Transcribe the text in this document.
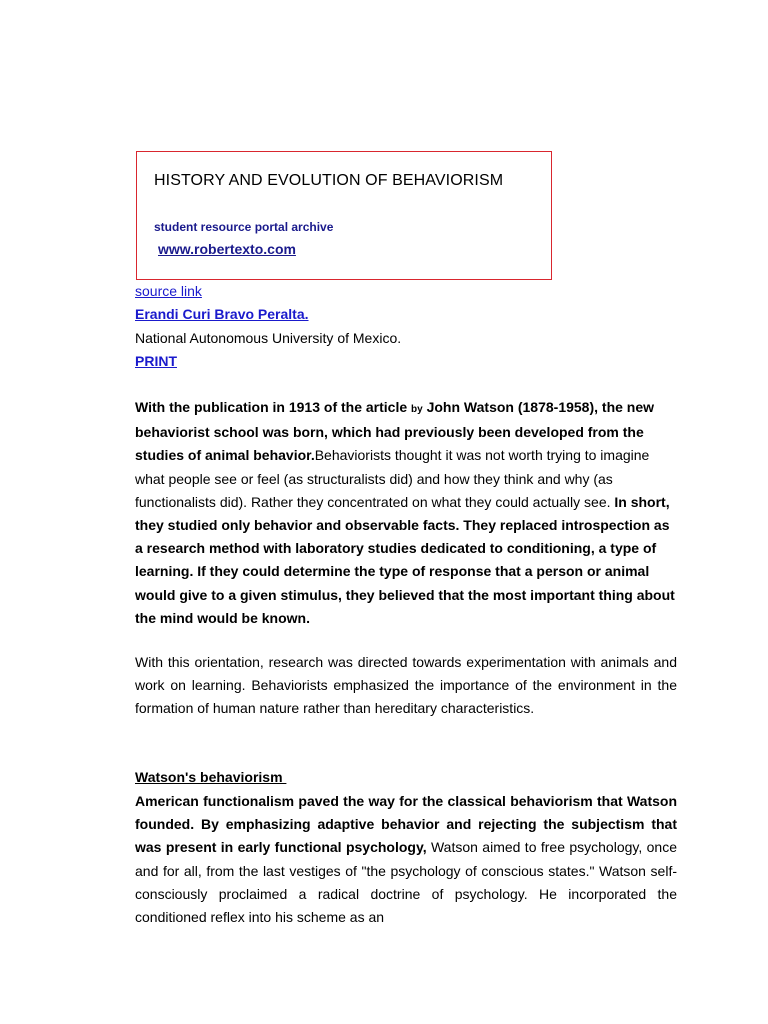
HISTORY AND EVOLUTION OF BEHAVIORISM
student resource portal archive
www.robertexto.com
source link
Erandi Curi Bravo Peralta.
National Autonomous University of Mexico.
PRINT
With the publication in 1913 of the article by John Watson (1878-1958), the new behaviorist school was born, which had previously been developed from the studies of animal behavior.Behaviorists thought it was not worth trying to imagine what people see or feel (as structuralists did) and how they think and why (as functionalists did). Rather they concentrated on what they could actually see. In short, they studied only behavior and observable facts. They replaced introspection as a research method with laboratory studies dedicated to conditioning, a type of learning. If they could determine the type of response that a person or animal would give to a given stimulus, they believed that the most important thing about the mind would be known.
With this orientation, research was directed towards experimentation with animals and work on learning. Behaviorists emphasized the importance of the environment in the formation of human nature rather than hereditary characteristics.
Watson's behaviorism
American functionalism paved the way for the classical behaviorism that Watson founded. By emphasizing adaptive behavior and rejecting the subjectism that was present in early functional psychology, Watson aimed to free psychology, once and for all, from the last vestiges of "the psychology of conscious states." Watson self-consciously proclaimed a radical doctrine of psychology. He incorporated the conditioned reflex into his scheme as an
